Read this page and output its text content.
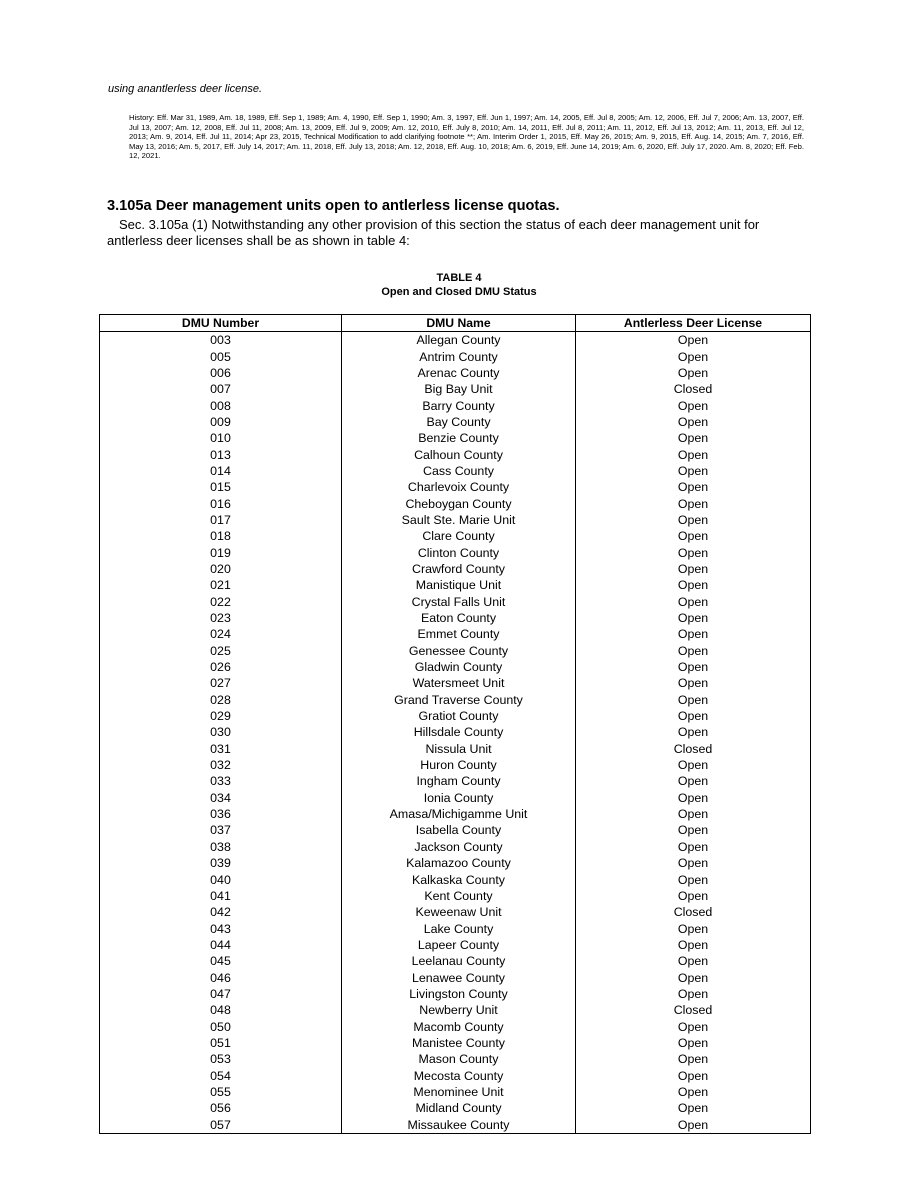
using anantlerless deer license.
History: Eff. Mar 31, 1989, Am. 18, 1989, Eff. Sep 1, 1989; Am. 4, 1990, Eff. Sep 1, 1990; Am. 3, 1997, Eff. Jun 1, 1997; Am. 14, 2005, Eff. Jul 8, 2005; Am. 12, 2006, Eff. Jul 7, 2006; Am. 13, 2007, Eff. Jul 13, 2007; Am. 12, 2008, Eff. Jul 11, 2008; Am. 13, 2009, Eff. Jul 9, 2009; Am. 12, 2010, Eff. July 8, 2010; Am. 14, 2011, Eff. Jul 8, 2011; Am. 11, 2012, Eff. Jul 13, 2012; Am. 11, 2013, Eff. Jul 12, 2013; Am. 9, 2014, Eff. Jul 11, 2014; Apr 23, 2015, Technical Modification to add clarifying footnote **; Am. Interim Order 1, 2015, Eff. May 26, 2015; Am. 9, 2015, Eff. Aug. 14, 2015; Am. 7, 2016, Eff. May 13, 2016; Am. 5, 2017, Eff. July 14, 2017; Am. 11, 2018, Eff. July 13, 2018; Am. 12, 2018, Eff. Aug. 10, 2018; Am. 6, 2019, Eff. June 14, 2019; Am. 6, 2020, Eff. July 17, 2020. Am. 8, 2020; Eff. Feb. 12, 2021.
3.105a Deer management units open to antlerless license quotas.
Sec. 3.105a (1) Notwithstanding any other provision of this section the status of each deer management unit for antlerless deer licenses shall be as shown in table 4:
TABLE 4
Open and Closed DMU Status
DMU Number	DMU Name	Antlerless Deer License
003	Allegan County	Open
005	Antrim County	Open
006	Arenac County	Open
007	Big Bay Unit	Closed
008	Barry County	Open
009	Bay County	Open
010	Benzie County	Open
013	Calhoun County	Open
014	Cass County	Open
015	Charlevoix County	Open
016	Cheboygan County	Open
017	Sault Ste. Marie Unit	Open
018	Clare County	Open
019	Clinton County	Open
020	Crawford County	Open
021	Manistique Unit	Open
022	Crystal Falls Unit	Open
023	Eaton County	Open
024	Emmet County	Open
025	Genessee County	Open
026	Gladwin County	Open
027	Watersmeet Unit	Open
028	Grand Traverse County	Open
029	Gratiot County	Open
030	Hillsdale County	Open
031	Nissula Unit	Closed
032	Huron County	Open
033	Ingham County	Open
034	Ionia County	Open
036	Amasa/Michigamme Unit	Open
037	Isabella County	Open
038	Jackson County	Open
039	Kalamazoo County	Open
040	Kalkaska County	Open
041	Kent County	Open
042	Keweenaw Unit	Closed
043	Lake County	Open
044	Lapeer County	Open
045	Leelanau County	Open
046	Lenawee County	Open
047	Livingston County	Open
048	Newberry Unit	Closed
050	Macomb County	Open
051	Manistee County	Open
053	Mason County	Open
054	Mecosta County	Open
055	Menominee Unit	Open
056	Midland County	Open
057	Missaukee County	Open
